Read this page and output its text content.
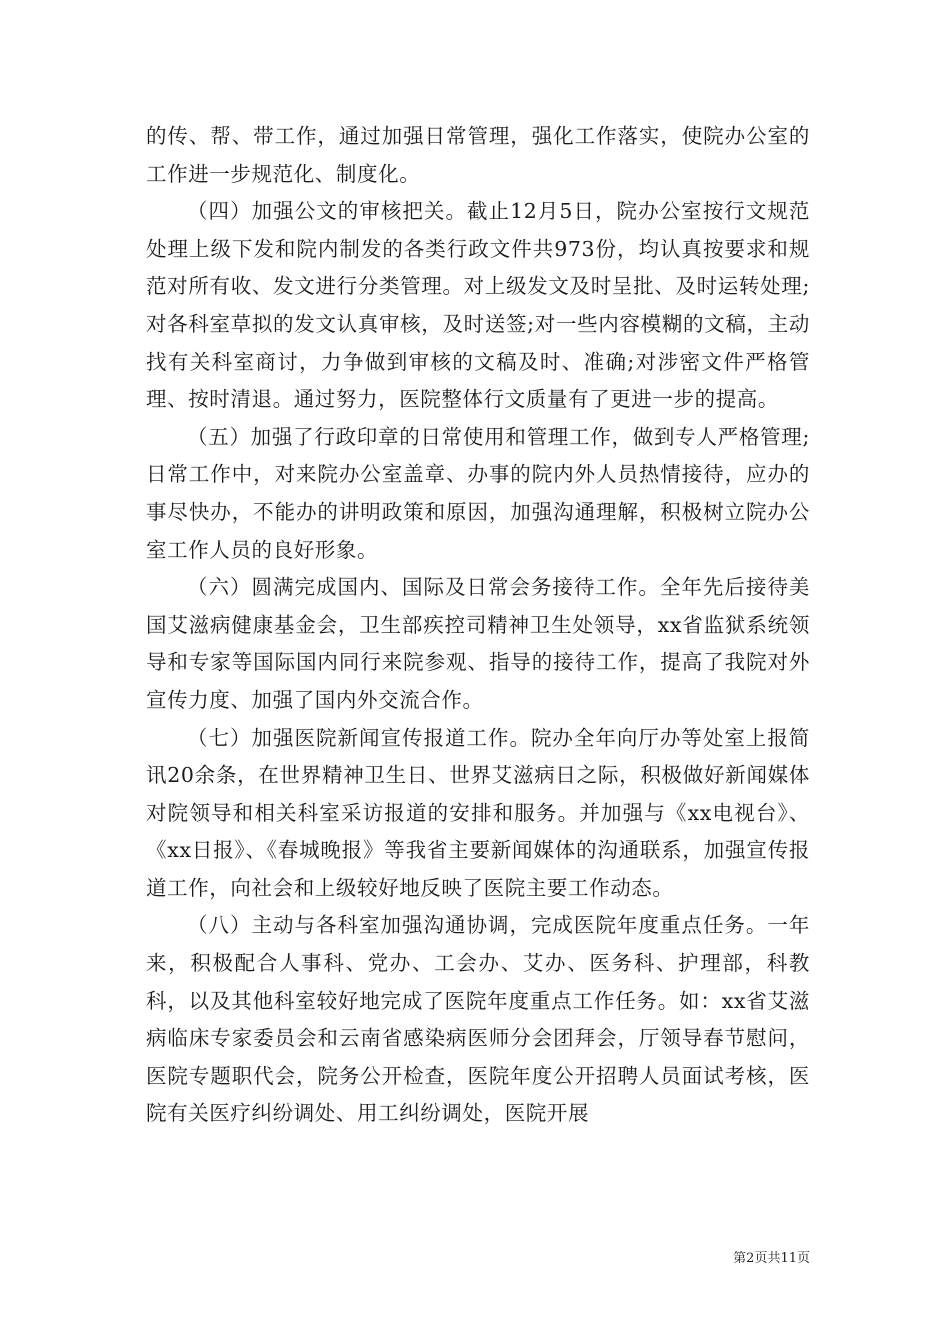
的传、帮、带工作，通过加强日常管理，强化工作落实，使院办公室的工作进一步规范化、制度化。

（四）加强公文的审核把关。截止12月5日，院办公室按行文规范处理上级下发和院内制发的各类行政文件共973份，均认真按要求和规范对所有收、发文进行分类管理。对上级发文及时呈批、及时运转处理;对各科室草拟的发文认真审核，及时送签;对一些内容模糊的文稿，主动找有关科室商讨，力争做到审核的文稿及时、准确;对涉密文件严格管理、按时清退。通过努力，医院整体行文质量有了更进一步的提高。

（五）加强了行政印章的日常使用和管理工作，做到专人严格管理;日常工作中，对来院办公室盖章、办事的院内外人员热情接待，应办的事尽快办，不能办的讲明政策和原因，加强沟通理解，积极树立院办公室工作人员的良好形象。

（六）圆满完成国内、国际及日常会务接待工作。全年先后接待美国艾滋病健康基金会，卫生部疾控司精神卫生处领导，xx省监狱系统领导和专家等国际国内同行来院参观、指导的接待工作，提高了我院对外宣传力度、加强了国内外交流合作。

（七）加强医院新闻宣传报道工作。院办全年向厅办等处室上报简讯20余条，在世界精神卫生日、世界艾滋病日之际，积极做好新闻媒体对院领导和相关科室采访报道的安排和服务。并加强与《xx电视台》、《xx日报》、《春城晚报》等我省主要新闻媒体的沟通联系，加强宣传报道工作，向社会和上级较好地反映了医院主要工作动态。

（八）主动与各科室加强沟通协调，完成医院年度重点任务。一年来，积极配合人事科、党办、工会办、艾办、医务科、护理部，科教科，以及其他科室较好地完成了医院年度重点工作任务。如：xx省艾滋病临床专家委员会和云南省感染病医师分会团拜会，厅领导春节慰问，医院专题职代会，院务公开检查，医院年度公开招聘人员面试考核，医院有关医疗纠纷调处、用工纠纷调处，医院开展

第2页共11页
